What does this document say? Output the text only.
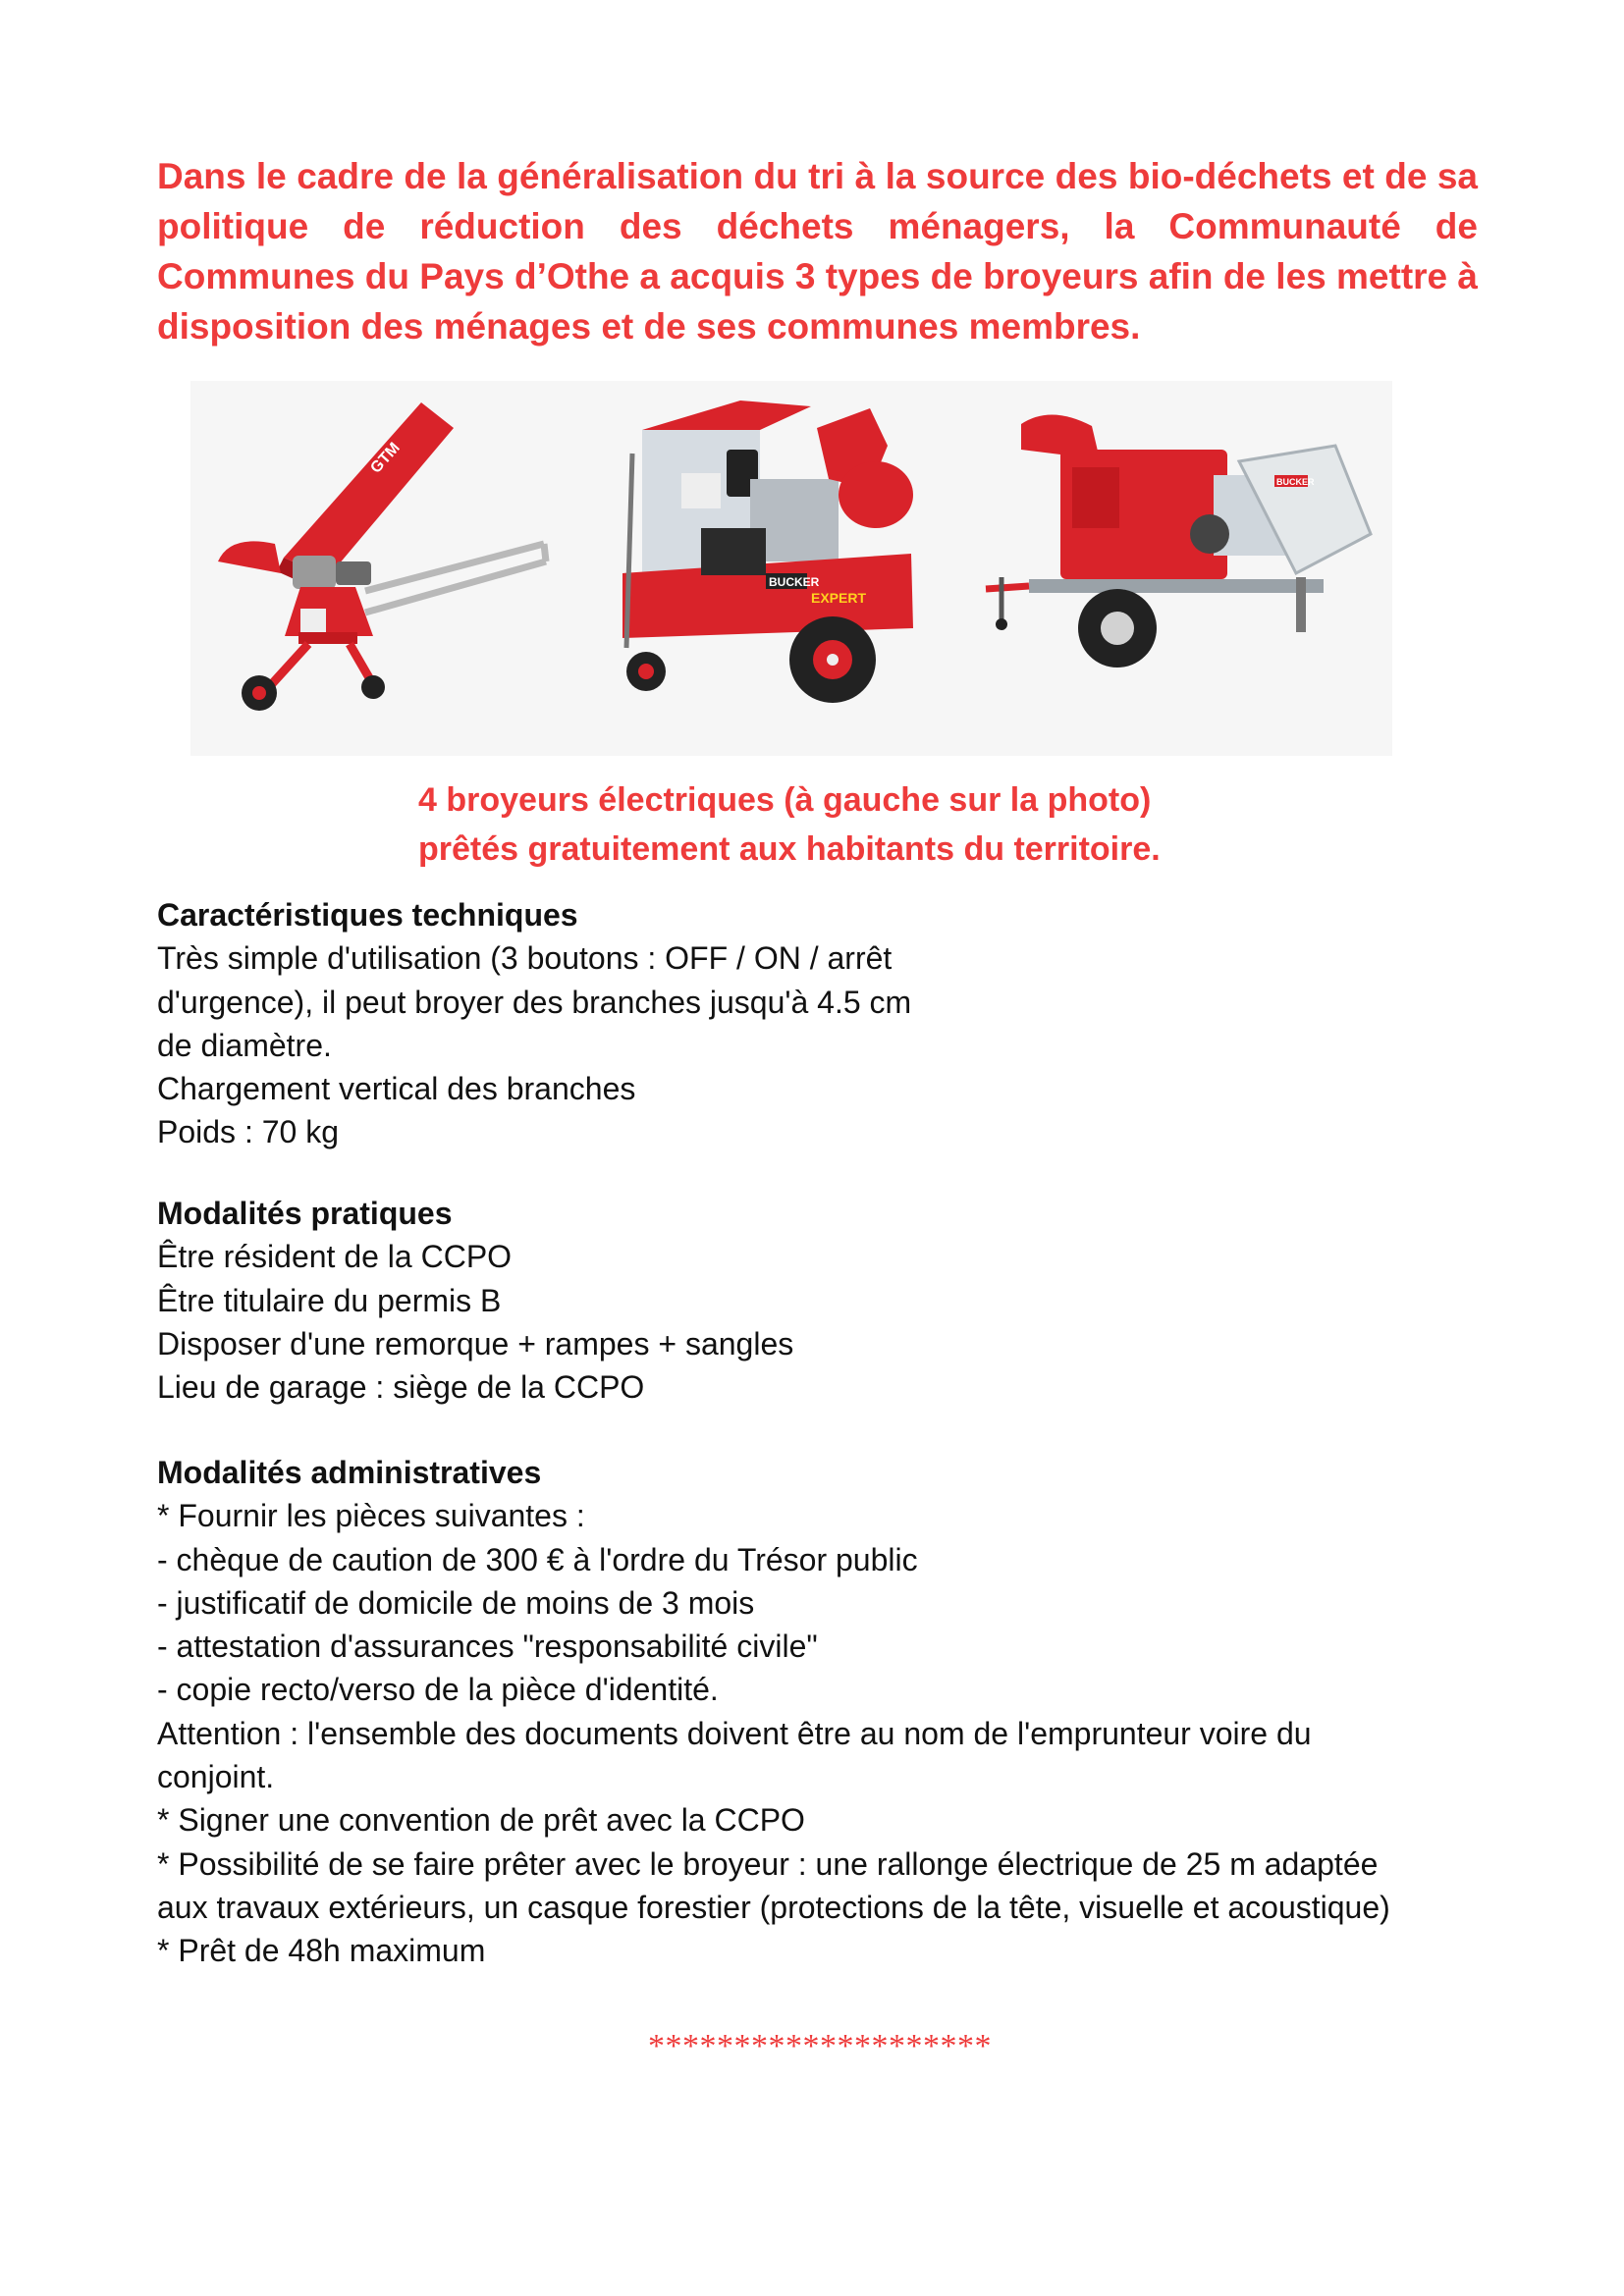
Dans le cadre de la généralisation du tri à la source des bio-déchets et de sa politique de réduction des déchets ménagers, la Communauté de Communes du Pays d’Othe a acquis 3 types de broyeurs afin de les mettre à disposition des ménages et de ses communes membres.

GTM
BUCKER
EXPERT
BUCKER

4 broyeurs électriques (à gauche sur la photo)
prêtés gratuitement aux habitants du territoire.

Caractéristiques techniques

Très simple d'utilisation (3 boutons : OFF / ON / arrêt

d'urgence), il peut broyer des branches jusqu'à 4.5 cm

de diamètre.

Chargement vertical des branches

Poids : 70 kg

Modalités pratiques

Être résident de la CCPO

Être titulaire du permis B

Disposer d'une remorque + rampes + sangles

Lieu de garage : siège de la CCPO

Modalités administratives

* Fournir les pièces suivantes :

- chèque de caution de 300 € à l'ordre du Trésor public

- justificatif de domicile de moins de 3 mois

- attestation d'assurances "responsabilité civile"

- copie recto/verso de la pièce d'identité.

Attention : l'ensemble des documents doivent être au nom de l'emprunteur voire du

conjoint.

* Signer une convention de prêt avec la CCPO

* Possibilité de se faire prêter avec le broyeur : une rallonge électrique de 25 m adaptée

aux travaux extérieurs, un casque forestier (protections de la tête, visuelle et acoustique)

* Prêt de 48h maximum

********************
